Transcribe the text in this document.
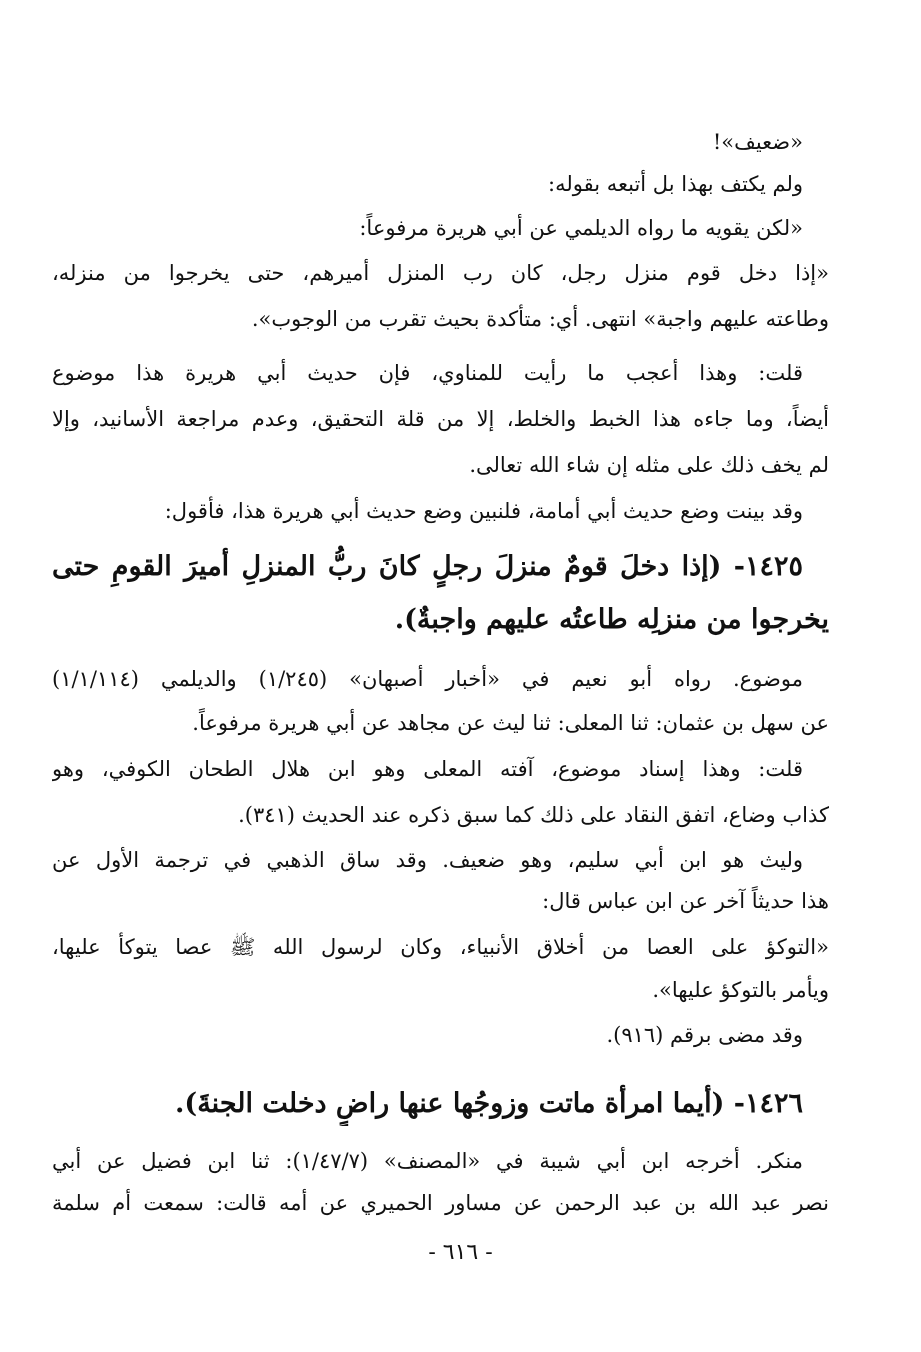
«ضعيف»!
ولم يكتف بهذا بل أتبعه بقوله:
«لكن يقويه ما رواه الديلمي عن أبي هريرة مرفوعاً:
«إذا دخل قوم منزل رجل، كان رب المنزل أميرهم، حتى يخرجوا من منزله،
وطاعته عليهم واجبة» انتهى. أي: متأكدة بحيث تقرب من الوجوب».
قلت: وهذا أعجب ما رأيت للمناوي، فإن حديث أبي هريرة هذا موضوع
أيضاً، وما جاءه هذا الخبط والخلط، إلا من قلة التحقيق، وعدم مراجعة الأسانيد، وإلا
لم يخف ذلك على مثله إن شاء الله تعالى.
وقد بينت وضع حديث أبي أمامة، فلنبين وضع حديث أبي هريرة هذا، فأقول:
١٤٢٥- (إذا دخلَ قومٌ منزلَ رجلٍ كانَ ربُّ المنزلِ أميرَ القومِ حتى
يخرجوا من منزلِه طاعتُه عليهم واجبةٌ).
موضوع. رواه أبو نعيم في «أخبار أصبهان» (١/٢٤٥) والديلمي (١/١/١١٤)
عن سهل بن عثمان: ثنا المعلى: ثنا ليث عن مجاهد عن أبي هريرة مرفوعاً.
قلت: وهذا إسناد موضوع، آفته المعلى وهو ابن هلال الطحان الكوفي، وهو
كذاب وضاع، اتفق النقاد على ذلك كما سبق ذكره عند الحديث (٣٤١).
وليث هو ابن أبي سليم، وهو ضعيف. وقد ساق الذهبي في ترجمة الأول عن
هذا حديثاً آخر عن ابن عباس قال:
«التوكؤ على العصا من أخلاق الأنبياء، وكان لرسول الله ﷺ عصا يتوكأ عليها،
ويأمر بالتوكؤ عليها».
وقد مضى برقم (٩١٦).
١٤٢٦- (أيما امرأة ماتت وزوجُها عنها راضٍ دخلت الجنةَ).
منكر. أخرجه ابن أبي شيبة في «المصنف» (١/٤٧/٧): ثنا ابن فضيل عن أبي
نصر عبد الله بن عبد الرحمن عن مساور الحميري عن أمه قالت: سمعت أم سلمة
- ٦١٦ -
